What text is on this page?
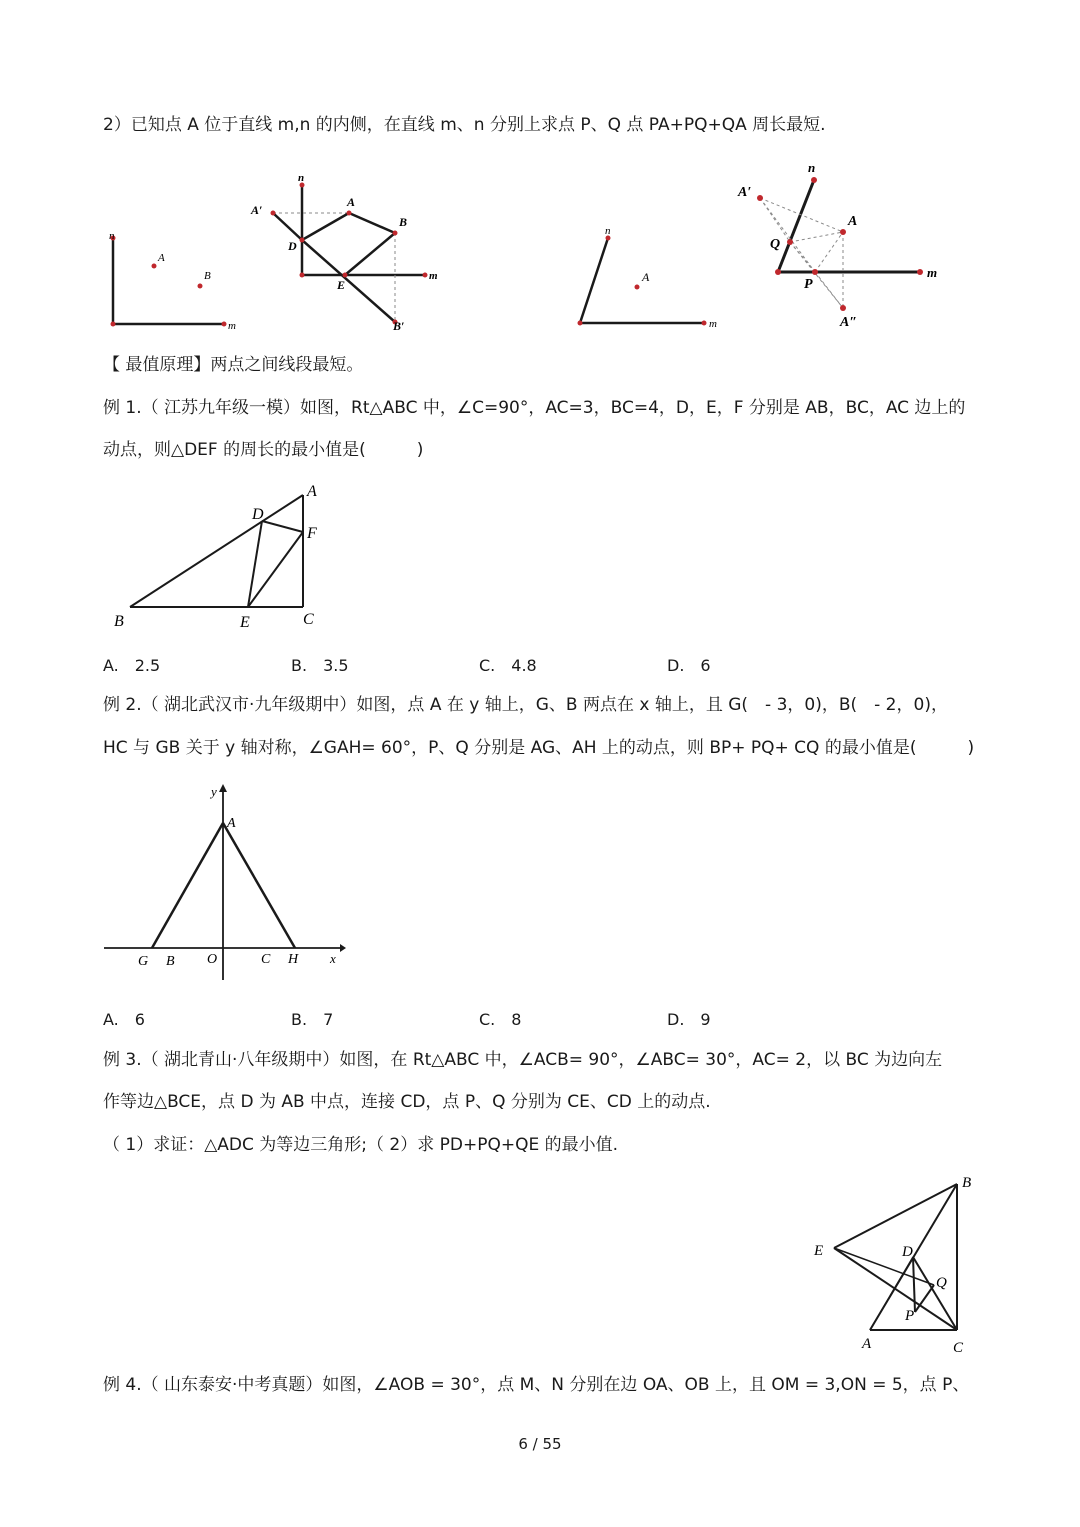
2）已知点 A 位于直线 m,n 的内侧，在直线 m、n 分别上求点 P、Q 点 PA+PQ+QA 周长最短.
n
m
A
B
n
A′
A
B
D
E
m
B′
n
m
A
A′
n
A
Q
P
m
A″
【 最值原理】两点之间线段最短。
例 1.（ 江苏九年级一模）如图，Rt△ABC 中，∠C=90°，AC=3，BC=4，D，E，F 分别是 AB，BC，AC 边上的
动点，则△DEF 的周长的最小值是(　　　)
A
D
F
B	E	C
A.　2.5	B.　3.5	C.　4.8	D.　6
例 2.（ 湖北武汉市·九年级期中）如图，点 A 在 y 轴上，G、B 两点在 x 轴上，且 G(　- 3，0)，B(　- 2，0)，
HC 与 GB 关于 y 轴对称，∠GAH= 60°，P、Q 分别是 AG、AH 上的动点，则 BP+ PQ+ CQ 的最小值是(　　　)
y
A
G B O	C H x
A.　6	B.　7	C.　8	D.　9
例 3.（ 湖北青山·八年级期中）如图，在 Rt△ABC 中，∠ACB= 90°，∠ABC= 30°，AC= 2，以 BC 为边向左
作等边△BCE，点 D 为 AB 中点，连接 CD，点 P、Q 分别为 CE、CD 上的动点.
（ 1）求证：△ADC 为等边三角形;（ 2）求 PD+PQ+QE 的最小值.
B
E	D
Q
P
A	C
例 4.（ 山东泰安·中考真题）如图，∠AOB = 30°，点 M、N 分别在边 OA、OB 上，且 OM = 3,ON = 5，点 P、
6 / 55
